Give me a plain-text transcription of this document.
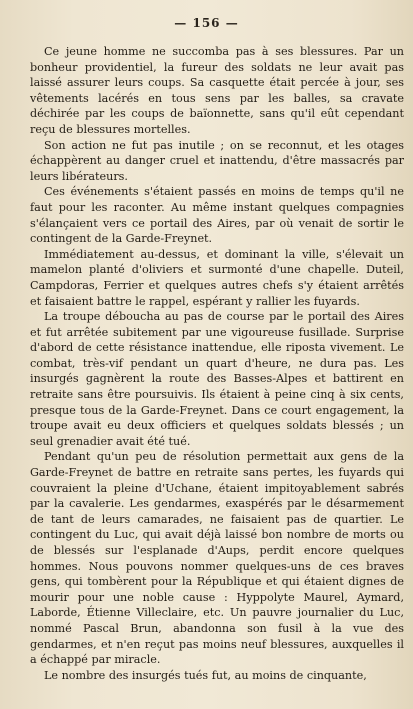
— 156 —

Ce jeune homme ne succomba pas à ses blessures. Par un bonheur providentiel, la fureur des soldats ne leur avait pas laissé assurer leurs coups. Sa casquette était percée à jour, ses vêtements lacérés en tous sens par les balles, sa cravate déchirée par les coups de baïonnette, sans qu'il eût cependant reçu de blessures mortelles.

Son action ne fut pas inutile ; on se reconnut, et les otages échappèrent au danger cruel et inattendu, d'être massacrés par leurs libérateurs.

Ces événements s'étaient passés en moins de temps qu'il ne faut pour les raconter. Au même instant quelques compagnies s'élançaient vers ce portail des Aires, par où venait de sortir le contingent de la Garde-Freynet.

Immédiatement au-dessus, et dominant la ville, s'élevait un mamelon planté d'oliviers et surmonté d'une chapelle. Duteil, Campdoras, Ferrier et quelques autres chefs s'y étaient arrêtés et faisaient battre le rappel, espérant y rallier les fuyards.

La troupe déboucha au pas de course par le portail des Aires et fut arrêtée subitement par une vigoureuse fusillade. Surprise d'abord de cette résistance inattendue, elle riposta vivement. Le combat, très-vif pendant un quart d'heure, ne dura pas. Les insurgés gagnèrent la route des Basses-Alpes et battirent en retraite sans être poursuivis. Ils étaient à peine cinq à six cents, presque tous de la Garde-Freynet. Dans ce court engagement, la troupe avait eu deux officiers et quelques soldats blessés ; un seul grenadier avait été tué.

Pendant qu'un peu de résolution permettait aux gens de la Garde-Freynet de battre en retraite sans pertes, les fuyards qui couvraient la pleine d'Uchane, étaient impitoyablement sabrés par la cavalerie. Les gendarmes, exaspérés par le désarmement de tant de leurs camarades, ne faisaient pas de quartier. Le contingent du Luc, qui avait déjà laissé bon nombre de morts ou de blessés sur l'esplanade d'Aups, perdit encore quelques hommes. Nous pouvons nommer quelques-uns de ces braves gens, qui tombèrent pour la République et qui étaient dignes de mourir pour une noble cause : Hyppolyte Maurel, Aymard, Laborde, Étienne Villeclaire, etc. Un pauvre journalier du Luc, nommé Pascal Brun, abandonna son fusil à la vue des gendarmes, et n'en reçut pas moins neuf blessures, auxquelles il a échappé par miracle.

Le nombre des insurgés tués fut, au moins de cinquante,
